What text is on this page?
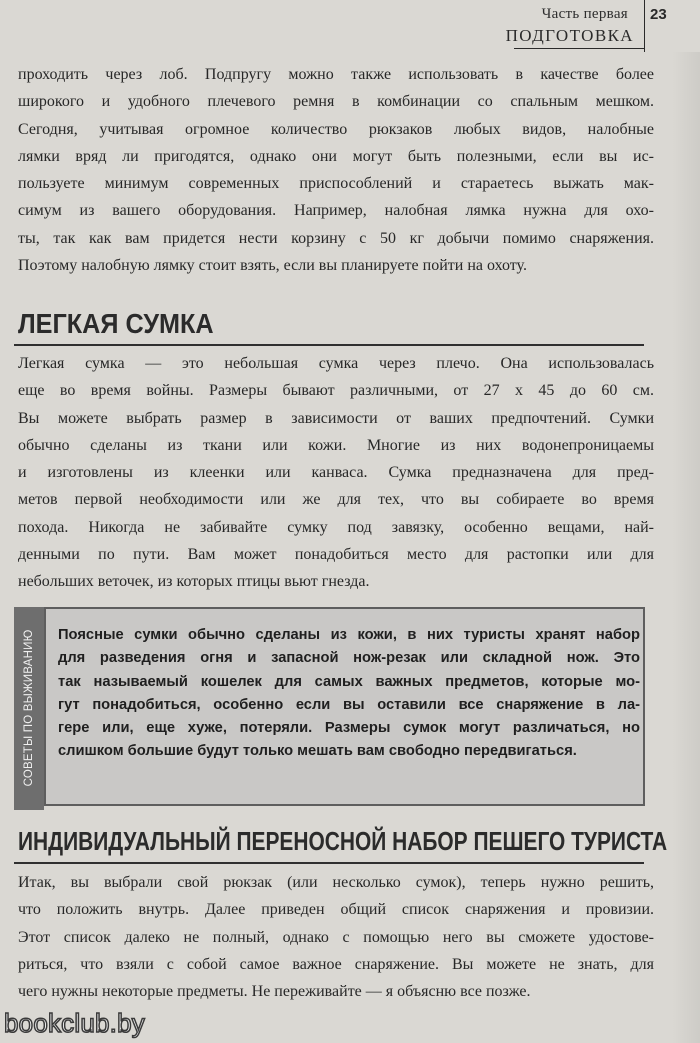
Часть первая
ПОДГОТОВКА
23
проходить через лоб. Подпругу можно также использовать в качестве более
широкого и удобного плечевого ремня в комбинации со спальным мешком.
Сегодня, учитывая огромное количество рюкзаков любых видов, налобные
лямки вряд ли пригодятся, однако они могут быть полезными, если вы ис-
пользуете минимум современных приспособлений и стараетесь выжать мак-
симум из вашего оборудования. Например, налобная лямка нужна для охо-
ты, так как вам придется нести корзину с 50 кг добычи помимо снаряжения.
Поэтому налобную лямку стоит взять, если вы планируете пойти на охоту.
ЛЕГКАЯ СУМКА
Легкая сумка — это небольшая сумка через плечо. Она использовалась
еще во время войны. Размеры бывают различными, от 27 х 45 до 60 см.
Вы можете выбрать размер в зависимости от ваших предпочтений. Сумки
обычно сделаны из ткани или кожи. Многие из них водонепроницаемы
и изготовлены из клеенки или канваса. Сумка предназначена для пред-
метов первой необходимости или же для тех, что вы собираете во время
похода. Никогда не забивайте сумку под завязку, особенно вещами, най-
денными по пути. Вам может понадобиться место для растопки или для
небольших веточек, из которых птицы вьют гнезда.
СОВЕТЫ ПО ВЫЖИВАНИЮ Поясные сумки обычно сделаны из кожи, в них туристы хранят набор
для разведения огня и запасной нож-резак или складной нож. Это
так называемый кошелек для самых важных предметов, которые мо-
гут понадобиться, особенно если вы оставили все снаряжение в ла-
гере или, еще хуже, потеряли. Размеры сумок могут различаться, но
слишком большие будут только мешать вам свободно передвигаться.
ИНДИВИДУАЛЬНЫЙ ПЕРЕНОСНОЙ НАБОР ПЕШЕГО ТУРИСТА
Итак, вы выбрали свой рюкзак (или несколько сумок), теперь нужно решить,
что положить внутрь. Далее приведен общий список снаряжения и провизии.
Этот список далеко не полный, однако с помощью него вы сможете удостове-
риться, что взяли с собой самое важное снаряжение. Вы можете не знать, для
чего нужны некоторые предметы. Не переживайте — я объясню все позже.
bookclub.by
